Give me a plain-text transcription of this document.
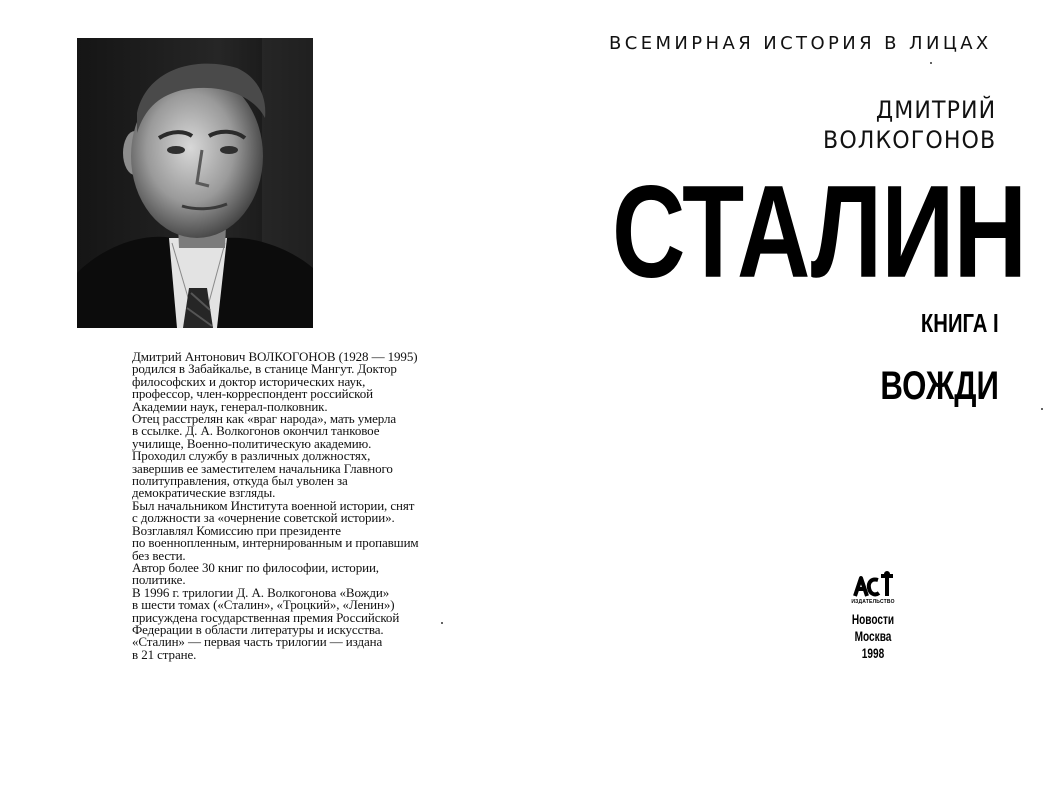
Дмитрий Антонович ВОЛКОГОНОВ (1928 — 1995)
родился в Забайкалье, в станице Мангут. Доктор
философских и доктор исторических наук,
профессор, член-корреспондент российской
Академии наук, генерал-полковник.
Отец расстрелян как «враг народа», мать умерла
в ссылке. Д. А. Волкогонов окончил танковое
училище, Военно-политическую академию.
Проходил службу в различных должностях,
завершив ее заместителем начальника Главного
политуправления, откуда был уволен за
демократические взгляды.
Был начальником Института военной истории, снят
с должности за «очернение советской истории».
Возглавлял Комиссию при президенте
по военнопленным, интернированным и пропавшим
без вести.
Автор более 30 книг по философии, истории,
политике.
В 1996 г. трилогии Д. А. Волкогонова «Вожди»
в шести томах («Сталин», «Троцкий», «Ленин»)
присуждена государственная премия Российской
Федерации в области литературы и искусства.
«Сталин» — первая часть трилогии — издана
в 21 стране.
ВСЕМИРНАЯ ИСТОРИЯ В ЛИЦАХ
ДМИТРИЙ
ВОЛКОГОНОВ
СТАЛИН
КНИГА I
ВОЖДИ
ИЗДАТЕЛЬСТВО
Новости
Москва
1998
